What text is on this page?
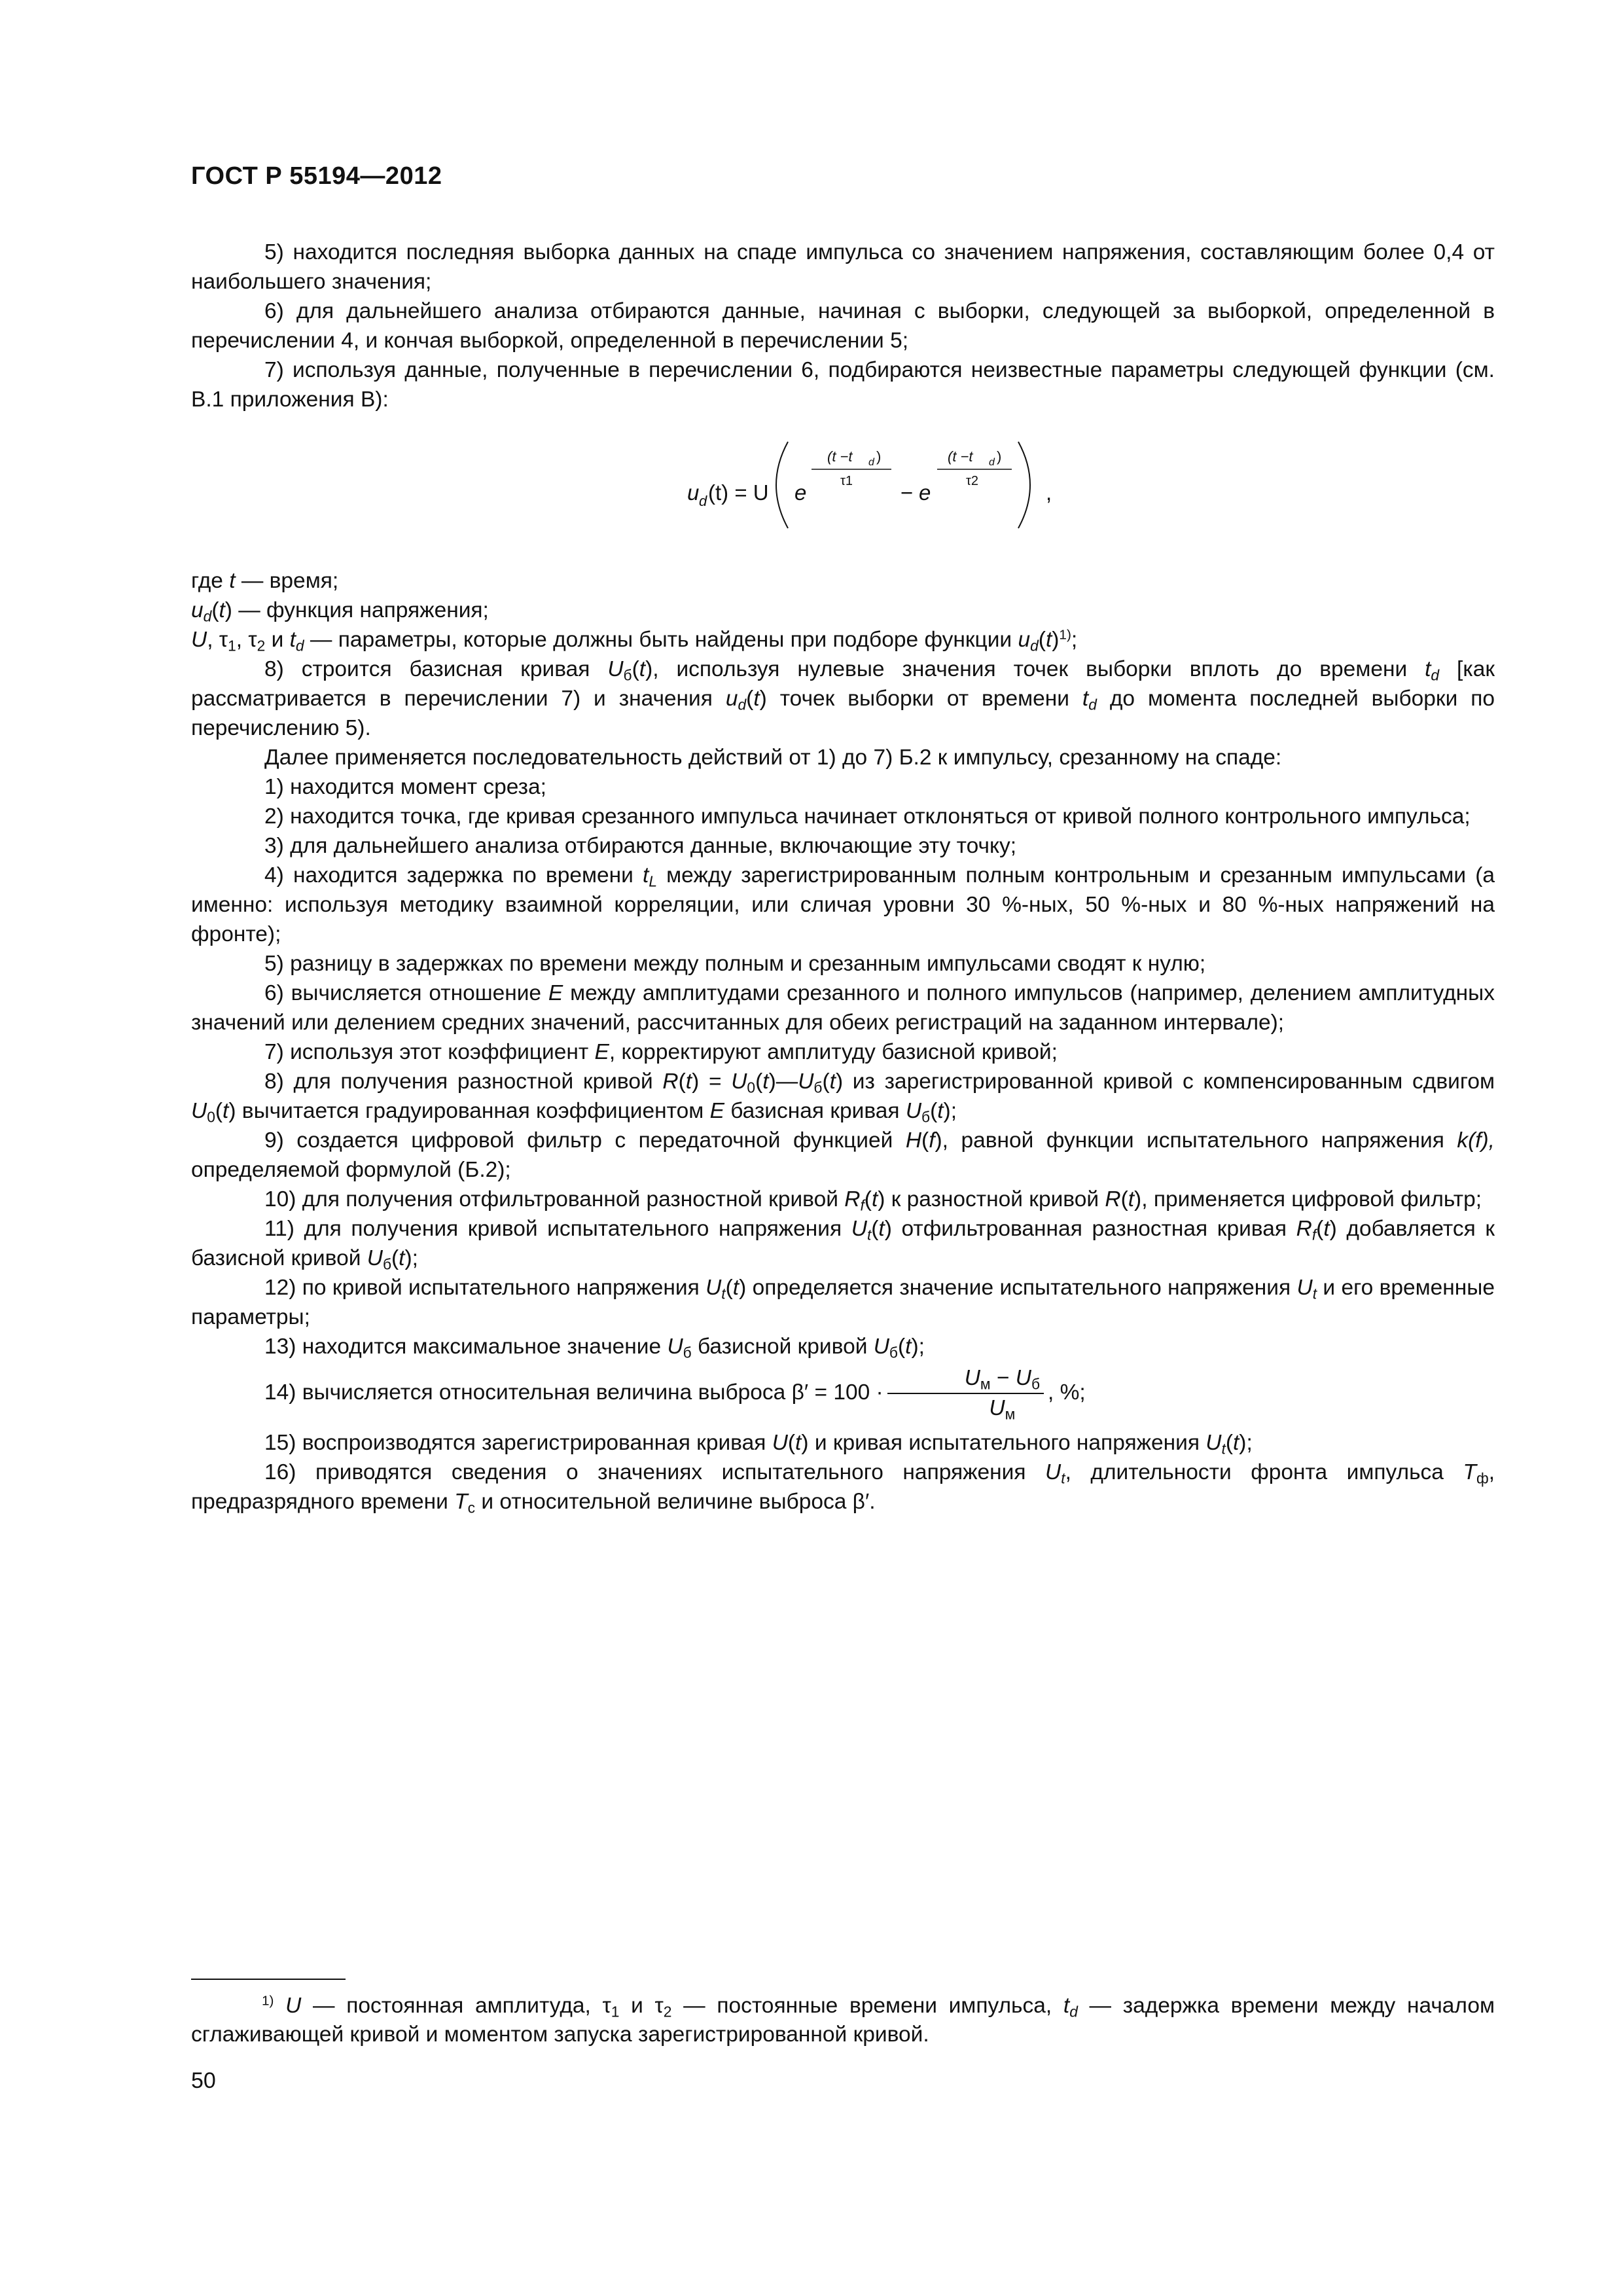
ГОСТ Р 55194—2012

5) находится последняя выборка данных на спаде импульса со значением напряжения, составляющим более 0,4 от наибольшего значения;

6) для дальнейшего анализа отбираются данные, начиная с выборки, следующей за выборкой, определенной в перечислении 4, и кончая выборкой, определенной в перечислении 5;

7) используя данные, полученные в перечислении 6, подбираются неизвестные параметры следующей функции (см. В.1 приложения В):

u d (t) = U e
(t −t d )
τ1 − e
(t −t d )
τ2	,

где t — время;

$u_d(t)$ — функция напряжения;

U, $\tau_1$, $\tau_2$ и $t_d$ — параметры, которые должны быть найдены при подборе функции $u_d(t)^{1)}$;

8) строится базисная кривая $U_б(t)$, используя нулевые значения точек выборки вплоть до времени $t_d$ [как рассматривается в перечислении 7) и значения $u_d(t)$ точек выборки от времени $t_d$ до момента последней выборки по перечислению 5).

Далее применяется последовательность действий от 1) до 7) Б.2 к импульсу, срезанному на спаде:

1) находится момент среза;

2) находится точка, где кривая срезанного импульса начинает отклоняться от кривой полного контрольного импульса;

3) для дальнейшего анализа отбираются данные, включающие эту точку;

4) находится задержка по времени $t_L$ между зарегистрированным полным контрольным и срезанным импульсами (а именно: используя методику взаимной корреляции, или сличая уровни 30 %-ных, 50 %-ных и 80 %-ных напряжений на фронте);

5) разницу в задержках по времени между полным и срезанным импульсами сводят к нулю;

6) вычисляется отношение E между амплитудами срезанного и полного импульсов (например, делением амплитудных значений или делением средних значений, рассчитанных для обеих регистраций на заданном интервале);

7) используя этот коэффициент E, корректируют амплитуду базисной кривой;

8) для получения разностной кривой $R(t) = U_0(t)—U_б(t)$ из зарегистрированной кривой с компенсированным сдвигом $U_0(t)$ вычитается градуированная коэффициентом E базисная кривая $U_б(t)$;

9) создается цифровой фильтр с передаточной функцией H(f), равной функции испытательного напряжения k(f), определяемой формулой (Б.2);

10) для получения отфильтрованной разностной кривой $R_f(t)$ к разностной кривой R(t), применяется цифровой фильтр;

11) для получения кривой испытательного напряжения $U_t(t)$ отфильтрованная разностная кривая $R_f(t)$ добавляется к базисной кривой $U_б(t)$;

12) по кривой испытательного напряжения $U_t(t)$ определяется значение испытательного напряжения $U_t$ и его временные параметры;

13) находится максимальное значение $U_б$ базисной кривой $U_б(t)$;

14) вычисляется относительная величина выброса $\beta' = 100 \cdot \frac{U_м - U_б}{U_м}$ , %;

15) воспроизводятся зарегистрированная кривая U(t) и кривая испытательного напряжения $U_t(t)$;

16) приводятся сведения о значениях испытательного напряжения $U_t$, длительности фронта импульса $T_ф$, предразрядного времени $T_с$ и относительной величине выброса β′.

$^{1)}$ U — постоянная амплитуда, $\tau_1$ и $\tau_2$ — постоянные времени импульса, $t_d$ — задержка времени между началом сглаживающей кривой и моментом запуска зарегистрированной кривой.

50
